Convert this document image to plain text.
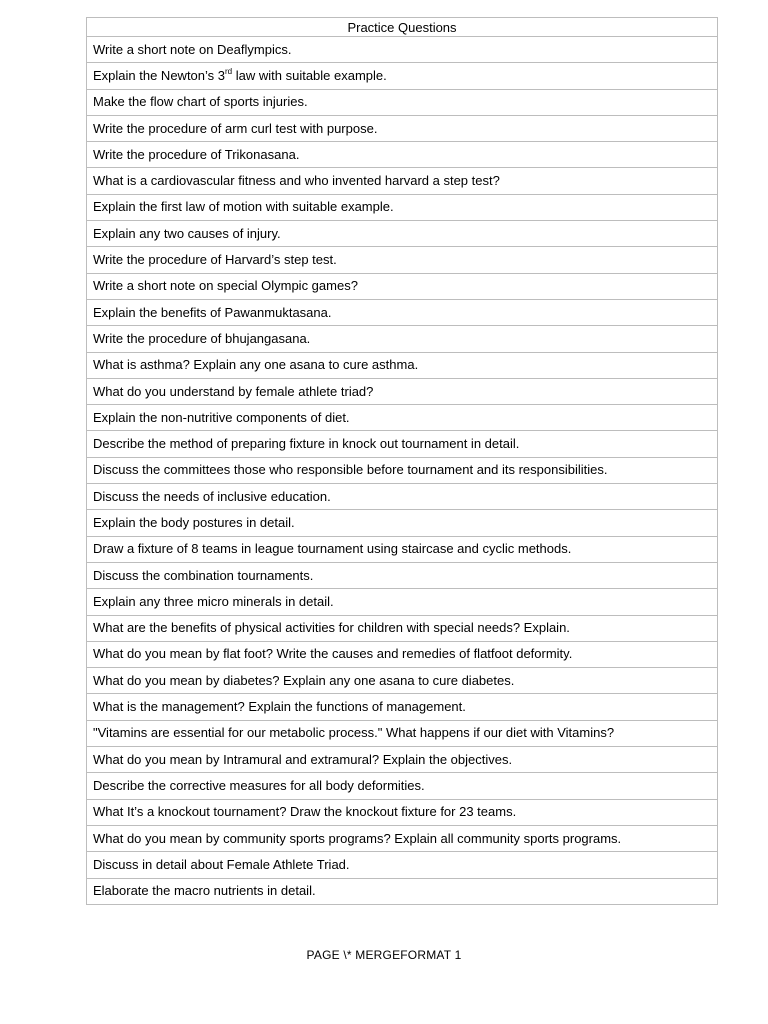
Practice Questions
Write a short note on Deaflympics.
Explain the Newton’s 3rd law with suitable example.
Make the flow chart of sports injuries.
Write the procedure of arm curl test with purpose.
Write the procedure of Trikonasana.
What is a cardiovascular fitness and who invented harvard a step test?
Explain the first law of motion with suitable example.
Explain any two causes of injury.
Write the procedure of Harvard’s step test.
Write a short note on special Olympic games?
Explain the benefits of Pawanmuktasana.
Write the procedure of bhujangasana.
What is asthma? Explain any one asana to cure asthma.
What do you understand by female athlete triad?
Explain the non-nutritive components of diet.
Describe the method of preparing fixture in knock out tournament in detail.
Discuss the committees those who responsible before tournament and its responsibilities.
Discuss the needs of inclusive education.
Explain the body postures in detail.
Draw a fixture of 8 teams in league tournament using staircase and cyclic methods.
Discuss the combination tournaments.
Explain any three micro minerals in detail.
What are the benefits of physical activities for children with special needs? Explain.
What do you mean by flat foot? Write the causes and remedies of flatfoot deformity.
What do you mean by diabetes? Explain any one asana to cure diabetes.
What is the management? Explain the functions of management.
"Vitamins are essential for our metabolic process." What happens if our diet with Vitamins?
What do you mean by Intramural and extramural? Explain the objectives.
Describe the corrective measures for all body deformities.
What It’s a knockout tournament? Draw the knockout fixture for 23 teams.
What do you mean by community sports programs? Explain all community sports programs.
Discuss in detail about Female Athlete Triad.
Elaborate the macro nutrients in detail.
PAGE \* MERGEFORMAT 1
